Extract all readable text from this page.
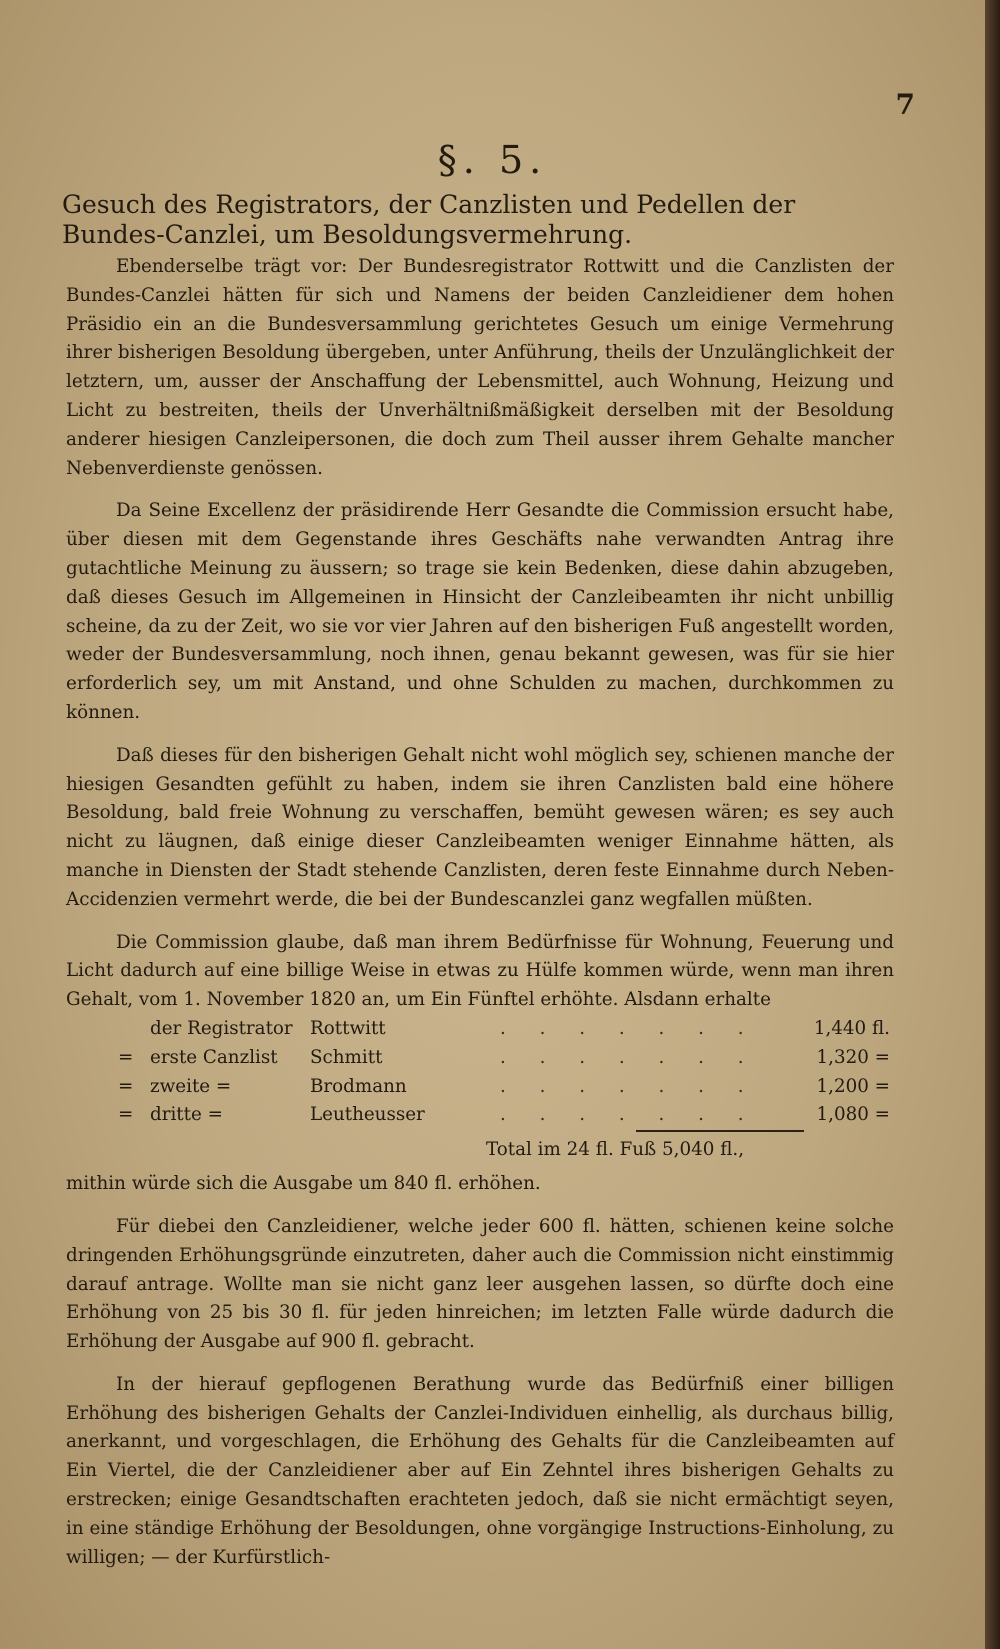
7
§. 5.
Gesuch des Registrators, der Canzlisten und Pedellen der Bundes-Canzlei, um Besoldungsvermehrung.

Ebenderselbe trägt vor: Der Bundesregistrator Rottwitt und die Canzlisten der Bundes-Canzlei hätten für sich und Namens der beiden Canzleidiener dem hohen Präsidio ein an die Bundesversammlung gerichtetes Gesuch um einige Vermehrung ihrer bisherigen Besoldung übergeben, unter Anführung, theils der Unzulänglichkeit der letztern, um, ausser der Anschaffung der Lebensmittel, auch Wohnung, Heizung und Licht zu bestreiten, theils der Unverhältnißmäßigkeit derselben mit der Besoldung anderer hiesigen Canzleipersonen, die doch zum Theil ausser ihrem Gehalte mancher Nebenverdienste genössen.

Da Seine Excellenz der präsidirende Herr Gesandte die Commission ersucht habe, über diesen mit dem Gegenstande ihres Geschäfts nahe verwandten Antrag ihre gutachtliche Meinung zu äussern; so trage sie kein Bedenken, diese dahin abzugeben, daß dieses Gesuch im Allgemeinen in Hinsicht der Canzleibeamten ihr nicht unbillig scheine, da zu der Zeit, wo sie vor vier Jahren auf den bisherigen Fuß angestellt worden, weder der Bundesversammlung, noch ihnen, genau bekannt gewesen, was für sie hier erforderlich sey, um mit Anstand, und ohne Schulden zu machen, durchkommen zu können.

Daß dieses für den bisherigen Gehalt nicht wohl möglich sey, schienen manche der hiesigen Gesandten gefühlt zu haben, indem sie ihren Canzlisten bald eine höhere Besoldung, bald freie Wohnung zu verschaffen, bemüht gewesen wären; es sey auch nicht zu läugnen, daß einige dieser Canzleibeamten weniger Einnahme hätten, als manche in Diensten der Stadt stehende Canzlisten, deren feste Einnahme durch Neben-Accidenzien vermehrt werde, die bei der Bundescanzlei ganz wegfallen müßten.

Die Commission glaube, daß man ihrem Bedürfnisse für Wohnung, Feuerung und Licht dadurch auf eine billige Weise in etwas zu Hülfe kommen würde, wenn man ihren Gehalt, vom 1. November 1820 an, um Ein Fünftel erhöhte. Alsdann erhalte

der Registrator Rottwitt	. . . . . . .	1,440 fl.
= erste Canzlist	Schmitt	. . . . . . .	1,320 =
= zweite =	Brodmann	. . . . . . .	1,200 =
= dritte =	Leutheusser	. . . . . . .	1,080 =
Total im 24 fl. Fuß 5,040 fl.,
mithin würde sich die Ausgabe um 840 fl. erhöhen.

Für diebei den Canzleidiener, welche jeder 600 fl. hätten, schienen keine solche dringenden Erhöhungsgründe einzutreten, daher auch die Commission nicht einstimmig darauf antrage. Wollte man sie nicht ganz leer ausgehen lassen, so dürfte doch eine Erhöhung von 25 bis 30 fl. für jeden hinreichen; im letzten Falle würde dadurch die Erhöhung der Ausgabe auf 900 fl. gebracht.

In der hierauf gepflogenen Berathung wurde das Bedürfniß einer billigen Erhöhung des bisherigen Gehalts der Canzlei-Individuen einhellig, als durchaus billig, anerkannt, und vorgeschlagen, die Erhöhung des Gehalts für die Canzleibeamten auf Ein Viertel, die der Canzleidiener aber auf Ein Zehntel ihres bisherigen Gehalts zu erstrecken; einige Gesandtschaften erachteten jedoch, daß sie nicht ermächtigt seyen, in eine ständige Erhöhung der Besoldungen, ohne vorgängige Instructions-Einholung, zu willigen; — der Kurfürstlich-
